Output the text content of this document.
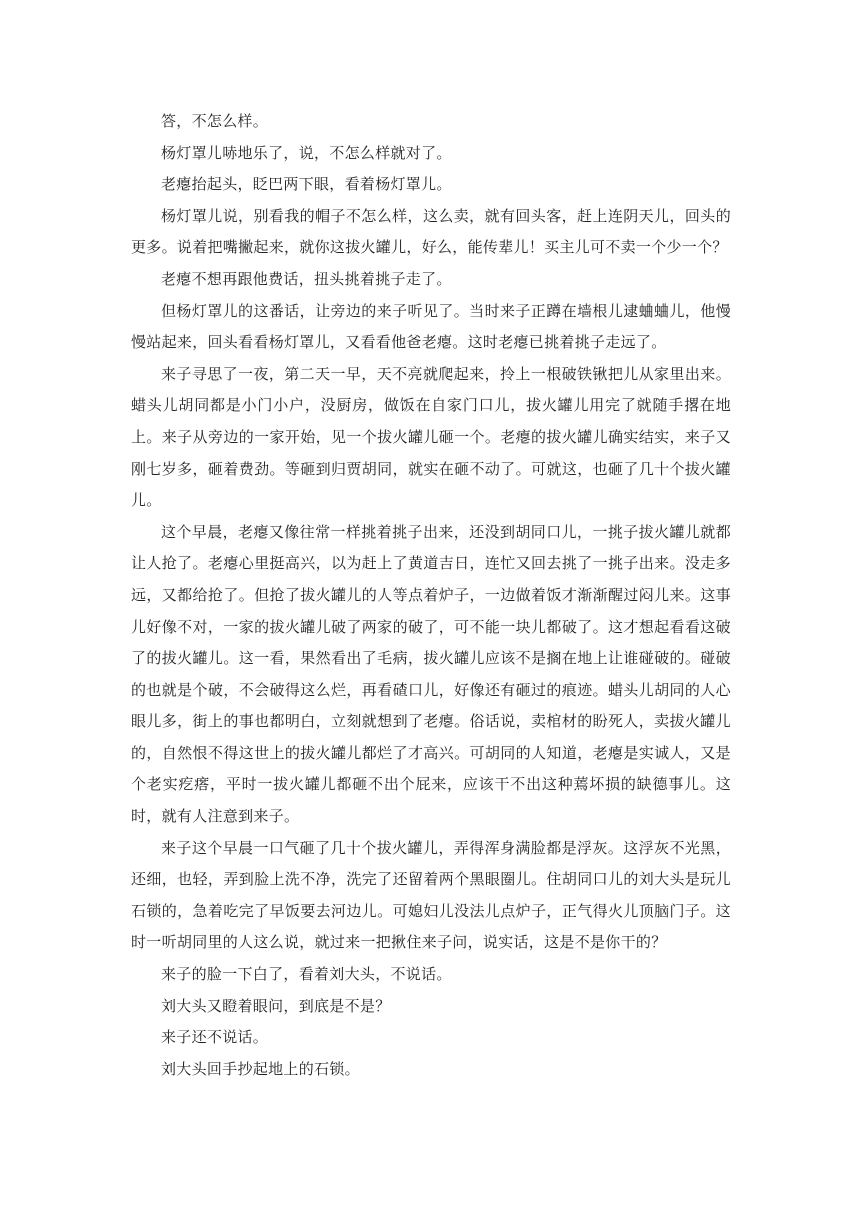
答，不怎么样。

杨灯罩儿哧地乐了，说，不怎么样就对了。

老瘪抬起头，眨巴两下眼，看着杨灯罩儿。

杨灯罩儿说，别看我的帽子不怎么样，这么卖，就有回头客，赶上连阴天儿，回头的更多。说着把嘴撇起来，就你这拔火罐儿，好么，能传辈儿！买主儿可不卖一个少一个？

老瘪不想再跟他费话，扭头挑着挑子走了。

但杨灯罩儿的这番话，让旁边的来子听见了。当时来子正蹲在墙根儿逮蛐蛐儿，他慢慢站起来，回头看看杨灯罩儿，又看看他爸老瘪。这时老瘪已挑着挑子走远了。

来子寻思了一夜，第二天一早，天不亮就爬起来，拎上一根破铁锹把儿从家里出来。蜡头儿胡同都是小门小户，没厨房，做饭在自家门口儿，拔火罐儿用完了就随手撂在地上。来子从旁边的一家开始，见一个拔火罐儿砸一个。老瘪的拔火罐儿确实结实，来子又刚七岁多，砸着费劲。等砸到归贾胡同，就实在砸不动了。可就这，也砸了几十个拔火罐儿。

这个早晨，老瘪又像往常一样挑着挑子出来，还没到胡同口儿，一挑子拔火罐儿就都让人抢了。老瘪心里挺高兴，以为赶上了黄道吉日，连忙又回去挑了一挑子出来。没走多远，又都给抢了。但抢了拔火罐儿的人等点着炉子，一边做着饭才渐渐醒过闷儿来。这事儿好像不对，一家的拔火罐儿破了两家的破了，可不能一块儿都破了。这才想起看看这破了的拔火罐儿。这一看，果然看出了毛病，拔火罐儿应该不是搁在地上让谁碰破的。碰破的也就是个破，不会破得这么烂，再看碴口儿，好像还有砸过的痕迹。蜡头儿胡同的人心眼儿多，街上的事也都明白，立刻就想到了老瘪。俗话说，卖棺材的盼死人，卖拔火罐儿的，自然恨不得这世上的拔火罐儿都烂了才高兴。可胡同的人知道，老瘪是实诚人，又是个老实疙瘩，平时一拔火罐儿都砸不出个屁来，应该干不出这种蔫坏损的缺德事儿。这时，就有人注意到来子。

来子这个早晨一口气砸了几十个拔火罐儿，弄得浑身满脸都是浮灰。这浮灰不光黑，还细，也轻，弄到脸上洗不净，洗完了还留着两个黑眼圈儿。住胡同口儿的刘大头是玩儿石锁的，急着吃完了早饭要去河边儿。可媳妇儿没法儿点炉子，正气得火儿顶脑门子。这时一听胡同里的人这么说，就过来一把揪住来子问，说实话，这是不是你干的？

来子的脸一下白了，看着刘大头，不说话。

刘大头又瞪着眼问，到底是不是？

来子还不说话。

刘大头回手抄起地上的石锁。
